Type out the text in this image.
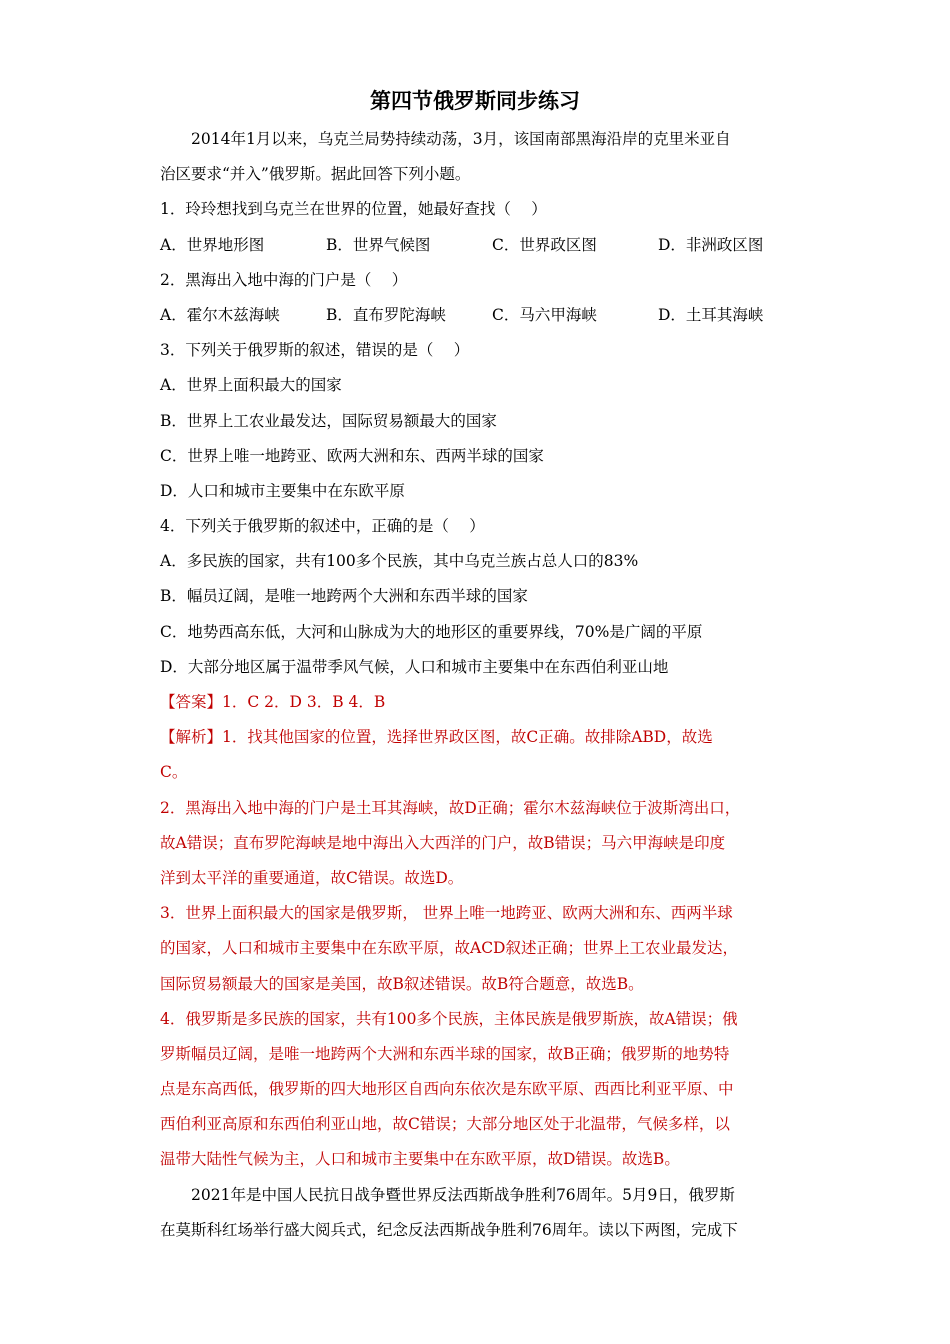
第四节俄罗斯同步练习
2014年1月以来，乌克兰局势持续动荡，3月，该国南部黑海沿岸的克里米亚自
治区要求“并入”俄罗斯。据此回答下列小题。
1．玲玲想找到乌克兰在世界的位置，她最好查找（　 ）
A．世界地形图	B．世界气候图	C．世界政区图	D．非洲政区图
2．黑海出入地中海的门户是（　 ）
A．霍尔木兹海峡	B．直布罗陀海峡	C．马六甲海峡	D．土耳其海峡
3．下列关于俄罗斯的叙述，错误的是（　 ）
A．世界上面积最大的国家
B．世界上工农业最发达，国际贸易额最大的国家
C．世界上唯一地跨亚、欧两大洲和东、西两半球的国家
D．人口和城市主要集中在东欧平原
4．下列关于俄罗斯的叙述中，正确的是（　 ）
A．多民族的国家，共有100多个民族，其中乌克兰族占总人口的83%
B．幅员辽阔，是唯一地跨两个大洲和东西半球的国家
C．地势西高东低，大河和山脉成为大的地形区的重要界线，70%是广阔的平原
D．大部分地区属于温带季风气候，人口和城市主要集中在东西伯利亚山地
【答案】1．C 2．D 3．B 4．B
【解析】1．找其他国家的位置，选择世界政区图，故C正确。故排除ABD，故选
C。
2．黑海出入地中海的门户是土耳其海峡，故D正确；霍尔木兹海峡位于波斯湾出口，
故A错误；直布罗陀海峡是地中海出入大西洋的门户，故B错误；马六甲海峡是印度
洋到太平洋的重要通道，故C错误。故选D。
3．世界上面积最大的国家是俄罗斯， 世界上唯一地跨亚、欧两大洲和东、西两半球
的国家，人口和城市主要集中在东欧平原，故ACD叙述正确；世界上工农业最发达，
国际贸易额最大的国家是美国，故B叙述错误。故B符合题意，故选B。
4．俄罗斯是多民族的国家，共有100多个民族，主体民族是俄罗斯族，故A错误；俄
罗斯幅员辽阔，是唯一地跨两个大洲和东西半球的国家，故B正确；俄罗斯的地势特
点是东高西低，俄罗斯的四大地形区自西向东依次是东欧平原、西西比利亚平原、中
西伯利亚高原和东西伯利亚山地，故C错误；大部分地区处于北温带，气候多样，以
温带大陆性气候为主，人口和城市主要集中在东欧平原，故D错误。故选B。
2021年是中国人民抗日战争暨世界反法西斯战争胜利76周年。5月9日，俄罗斯
在莫斯科红场举行盛大阅兵式，纪念反法西斯战争胜利76周年。读以下两图，完成下
